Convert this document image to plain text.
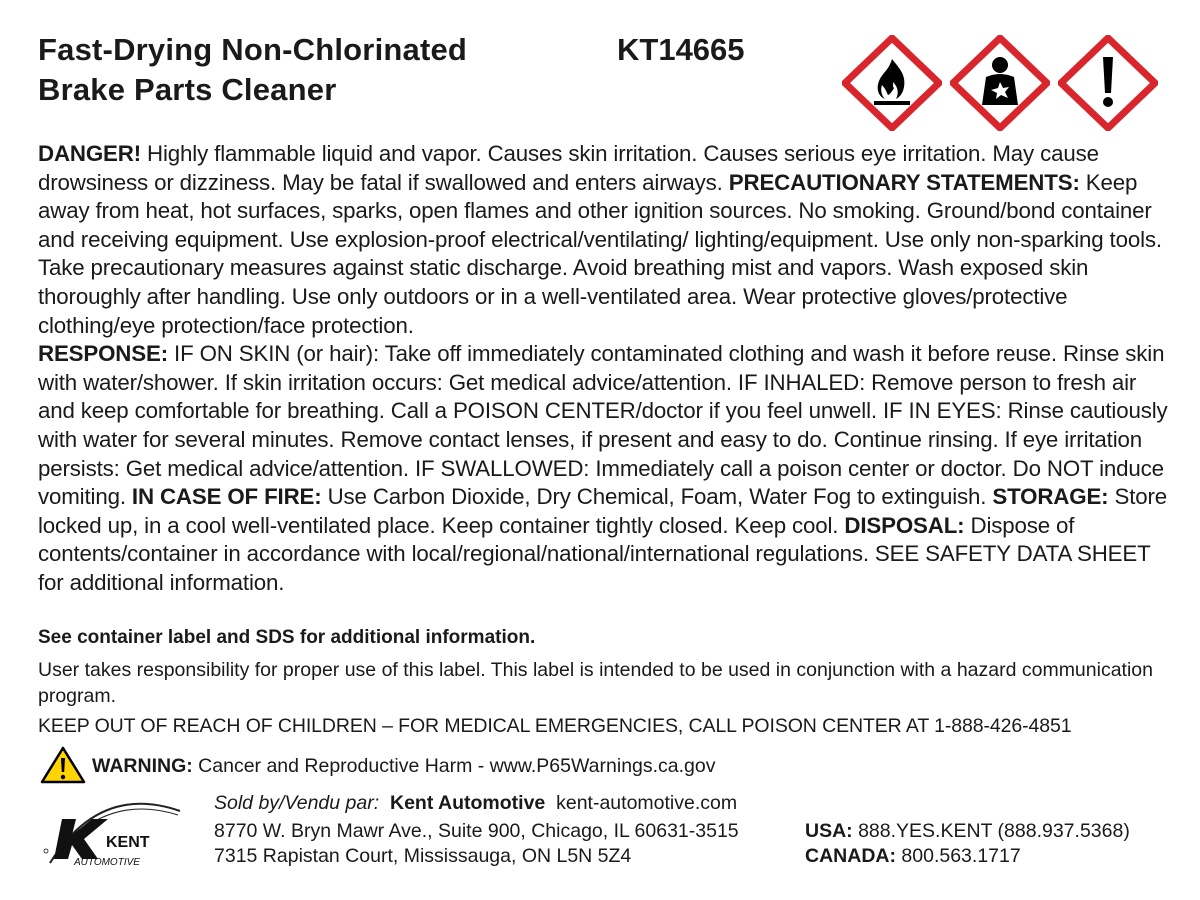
Fast-Drying Non-Chlorinated
Brake Parts Cleaner
KT14665
DANGER! Highly flammable liquid and vapor. Causes skin irritation. Causes serious eye irritation. May cause drowsiness or dizziness. May be fatal if swallowed and enters airways. PRECAUTIONARY STATEMENTS: Keep away from heat, hot surfaces, sparks, open flames and other ignition sources. No smoking. Ground/bond container and receiving equipment. Use explosion-proof electrical/ventilating/ lighting/equipment. Use only non-sparking tools. Take precautionary measures against static discharge. Avoid breathing mist and vapors. Wash exposed skin thoroughly after handling. Use only outdoors or in a well-ventilated area. Wear protective gloves/protective clothing/eye protection/face protection.
RESPONSE: IF ON SKIN (or hair): Take off immediately contaminated clothing and wash it before reuse. Rinse skin with water/shower. If skin irritation occurs: Get medical advice/attention. IF INHALED: Remove person to fresh air and keep comfortable for breathing. Call a POISON CENTER/doctor if you feel unwell. IF IN EYES: Rinse cautiously with water for several minutes. Remove contact lenses, if present and easy to do. Continue rinsing. If eye irritation persists: Get medical advice/attention. IF SWALLOWED: Immediately call a poison center or doctor. Do NOT induce vomiting. IN CASE OF FIRE: Use Carbon Dioxide, Dry Chemical, Foam, Water Fog to extinguish. STORAGE: Store locked up, in a cool well-ventilated place. Keep container tightly closed. Keep cool. DISPOSAL: Dispose of contents/container in accordance with local/regional/national/international regulations. SEE SAFETY DATA SHEET for additional information.
See container label and SDS for additional information.
User takes responsibility for proper use of this label. This label is intended to be used in conjunction with a hazard communication program.
KEEP OUT OF REACH OF CHILDREN – FOR MEDICAL EMERGENCIES, CALL POISON CENTER AT 1-888-426-4851
WARNING: Cancer and Reproductive Harm - www.P65Warnings.ca.gov
KENT
AUTOMOTIVE
Sold by/Vendu par: Kent Automotive kent-automotive.com
8770 W. Bryn Mawr Ave., Suite 900, Chicago, IL 60631-3515
7315 Rapistan Court, Mississauga, ON L5N 5Z4
USA: 888.YES.KENT (888.937.5368)
CANADA: 800.563.1717
